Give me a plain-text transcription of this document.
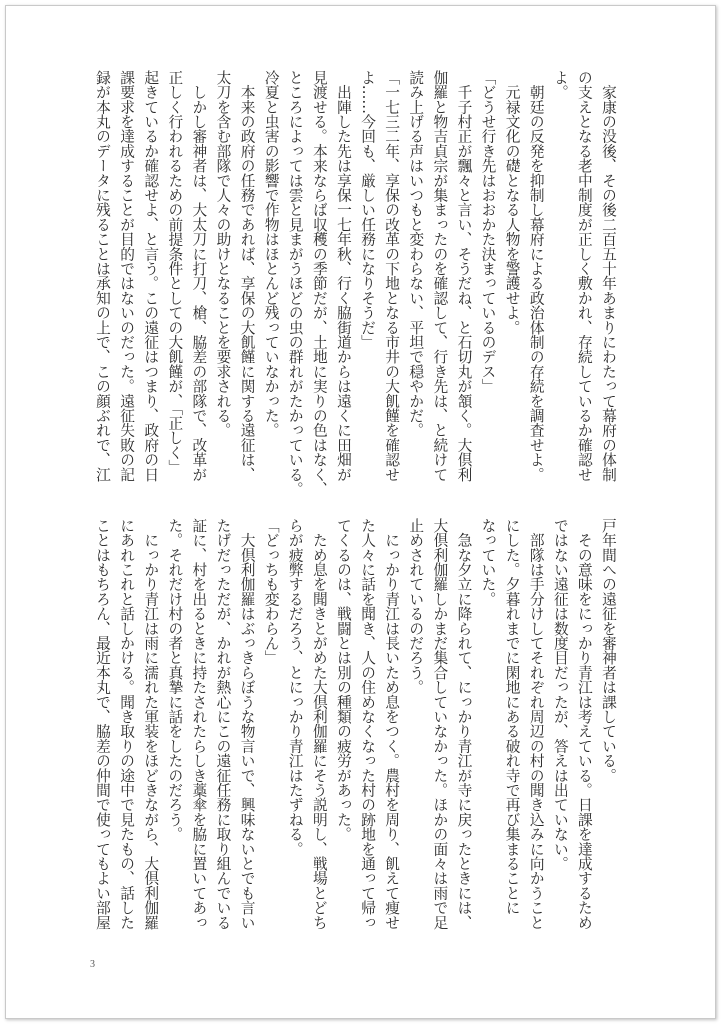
　家康の没後、その後二百五十年あまりにわたって幕府の体制
の支えとなる老中制度が正しく敷かれ、存続しているか確認せ
よ。
　朝廷の反発を抑制し幕府による政治体制の存続を調査せよ。
　元禄文化の礎となる人物を警護せよ。
「どうせ行き先はおおかた決まっているのデス」
　千子村正が飄々と言い、そうだね、と石切丸が頷く。大倶利
伽羅と物吉貞宗が集まったのを確認して、行き先は、と続けて
読み上げる声はいつもと変わらない、平坦で穏やかだ。
「一七三二年、享保の改革の下地となる市井の大飢饉を確認せ
よ……今回も、厳しい任務になりそうだ」
　出陣した先は享保一七年秋、行く脇街道からは遠くに田畑が
見渡せる。本来ならば収穫の季節だが、土地に実りの色はなく、
ところによっては雲と見まがうほどの虫の群れがたかっている。
冷夏と虫害の影響で作物はほとんど残っていなかった。
　本来の政府の任務であれば、享保の大飢饉に関する遠征は、
太刀を含む部隊で人々の助けとなることを要求される。
　しかし審神者は、大太刀に打刀、槍、脇差の部隊で、改革が
正しく行われるための前提条件としての大飢饉が、「正しく」
起きているか確認せよ、と言う。この遠征はつまり、政府の日
課要求を達成することが目的ではないのだった。遠征失敗の記
録が本丸のデータに残ることは承知の上で、この顔ぶれで、江
戸年間への遠征を審神者は課している。
　その意味をにっかり青江は考えている。日課を達成するため
ではない遠征は数度目だったが、答えは出ていない。
　部隊は手分けしてそれぞれ周辺の村の聞き込みに向かうこと
にした。夕暮れまでに閑地にある破れ寺で再び集まることに
なっていた。
　急な夕立に降られて、にっかり青江が寺に戻ったときには、
大倶利伽羅しかまだ集合していなかった。ほかの面々は雨で足
止めされているのだろう。
　にっかり青江は長いため息をつく。農村を周り、飢えて痩せ
た人々に話を聞き、人の住めなくなった村の跡地を通って帰っ
てくるのは、戦闘とは別の種類の疲労があった。
　ため息を聞きとがめた大倶利伽羅にそう説明し、戦場とどち
らが疲弊するだろう、とにっかり青江はたずねる。
「どっちも変わらん」
　大倶利伽羅はぶっきらぼうな物言いで、興味ないとでも言い
たげだっただが、かれが熱心にこの遠征任務に取り組んでいる
証に、村を出るときに持たされたらしき藁傘を脇に置いてあっ
た。それだけ村の者と真摯に話をしたのだろう。
　にっかり青江は雨に濡れた軍装をほどきながら、大倶利伽羅
にあれこれと話しかける。聞き取りの途中で見たもの、話した
ことはもちろん、最近本丸で、脇差の仲間で使ってもよい部屋
3
